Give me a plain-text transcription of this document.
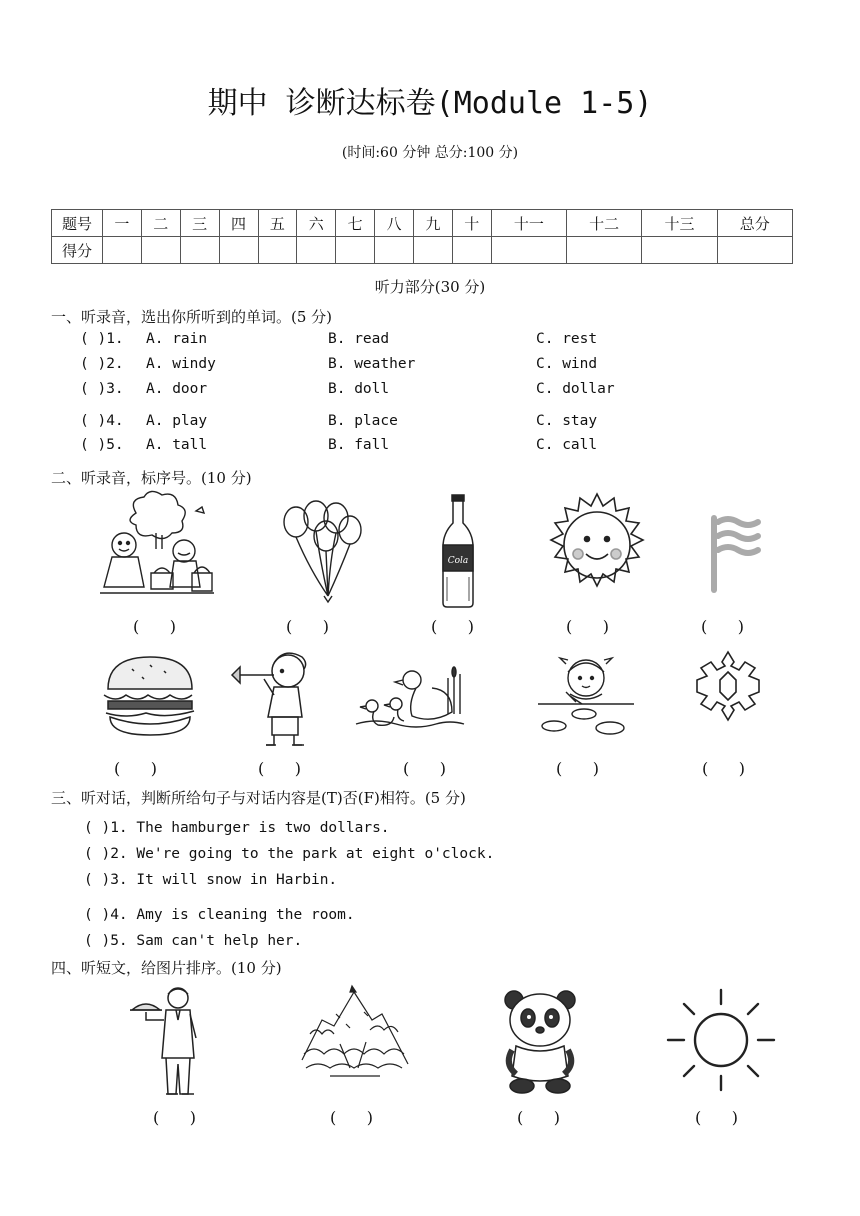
期中 诊断达标卷(Module 1-5)
(时间:60 分钟 总分:100 分)
题号	一	二	三	四	五	六	七	八	九	十	十一	十二	十三	总分
得分														
听力部分(30 分)
一、听录音，选出你所听到的单词。(5 分)
( )1. A. rain	B. read	C. rest
( )2. A. windy	B. weather	C. wind
( )3. A. door	B. doll	C. dollar
( )4. A. play	B. place	C. stay
( )5. A. tall	B. fall	C. call
二、听录音，标序号。(10 分)
Cola
(      )	(      )	(      )	(      )	(      )
(      )	(      )	(      )	(      )	(      )
三、听对话，判断所给句子与对话内容是(T)否(F)相符。(5 分)
( )1. The hamburger is two dollars.
( )2. We're going to the park at eight o'clock.
( )3. It will snow in Harbin.
( )4. Amy is cleaning the room.
( )5. Sam can't help her.
四、听短文，给图片排序。(10 分)
(      )	(      )	(      )	(      )
